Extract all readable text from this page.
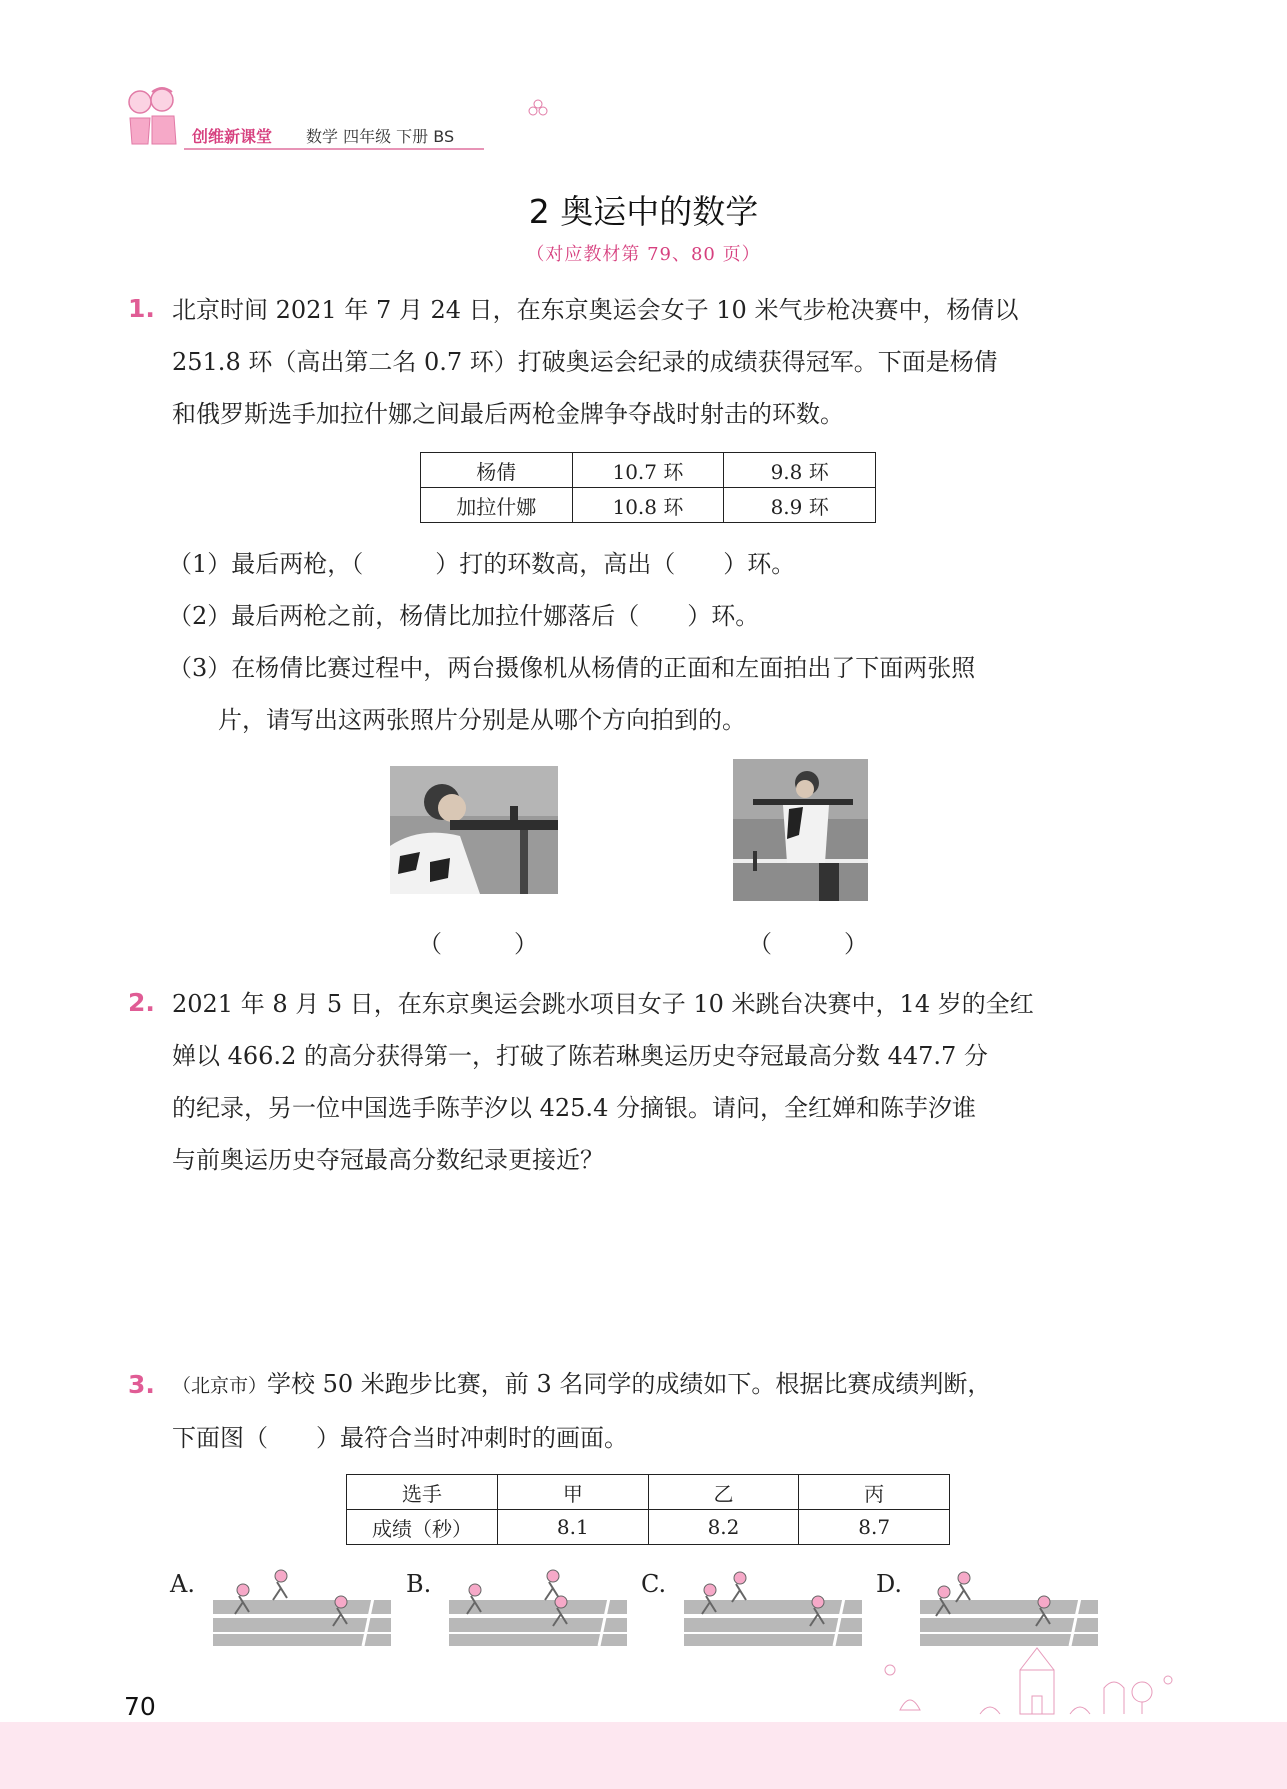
创维新课堂 数学 四年级 下册 BS
2 奥运中的数学
（对应教材第 79、80 页）
1. 北京时间 2021 年 7 月 24 日，在东京奥运会女子 10 米气步枪决赛中，杨倩以

251.8 环（高出第二名 0.7 环）打破奥运会纪录的成绩获得冠军。下面是杨倩

和俄罗斯选手加拉什娜之间最后两枪金牌争夺战时射击的环数。

杨倩	10.7 环	9.8 环
加拉什娜	10.8 环	8.9 环

（1）最后两枪，（　　　）打的环数高，高出（　　）环。

（2）最后两枪之前，杨倩比加拉什娜落后（　　）环。

（3）在杨倩比赛过程中，两台摄像机从杨倩的正面和左面拍出了下面两张照

片，请写出这两张照片分别是从哪个方向拍到的。

（　　　）	（　　　）
2. 2021 年 8 月 5 日，在东京奥运会跳水项目女子 10 米跳台决赛中，14 岁的全红

婵以 466.2 的高分获得第一，打破了陈若琳奥运历史夺冠最高分数 447.7 分

的纪录，另一位中国选手陈芋汐以 425.4 分摘银。请问，全红婵和陈芋汐谁

与前奥运历史夺冠最高分数纪录更接近？

3. （北京市）学校 50 米跑步比赛，前 3 名同学的成绩如下。根据比赛成绩判断，

下面图（　　）最符合当时冲刺时的画面。

选手	甲	乙	丙
成绩（秒）	8.1	8.2	8.7
A.	B.	C.	D.
70
